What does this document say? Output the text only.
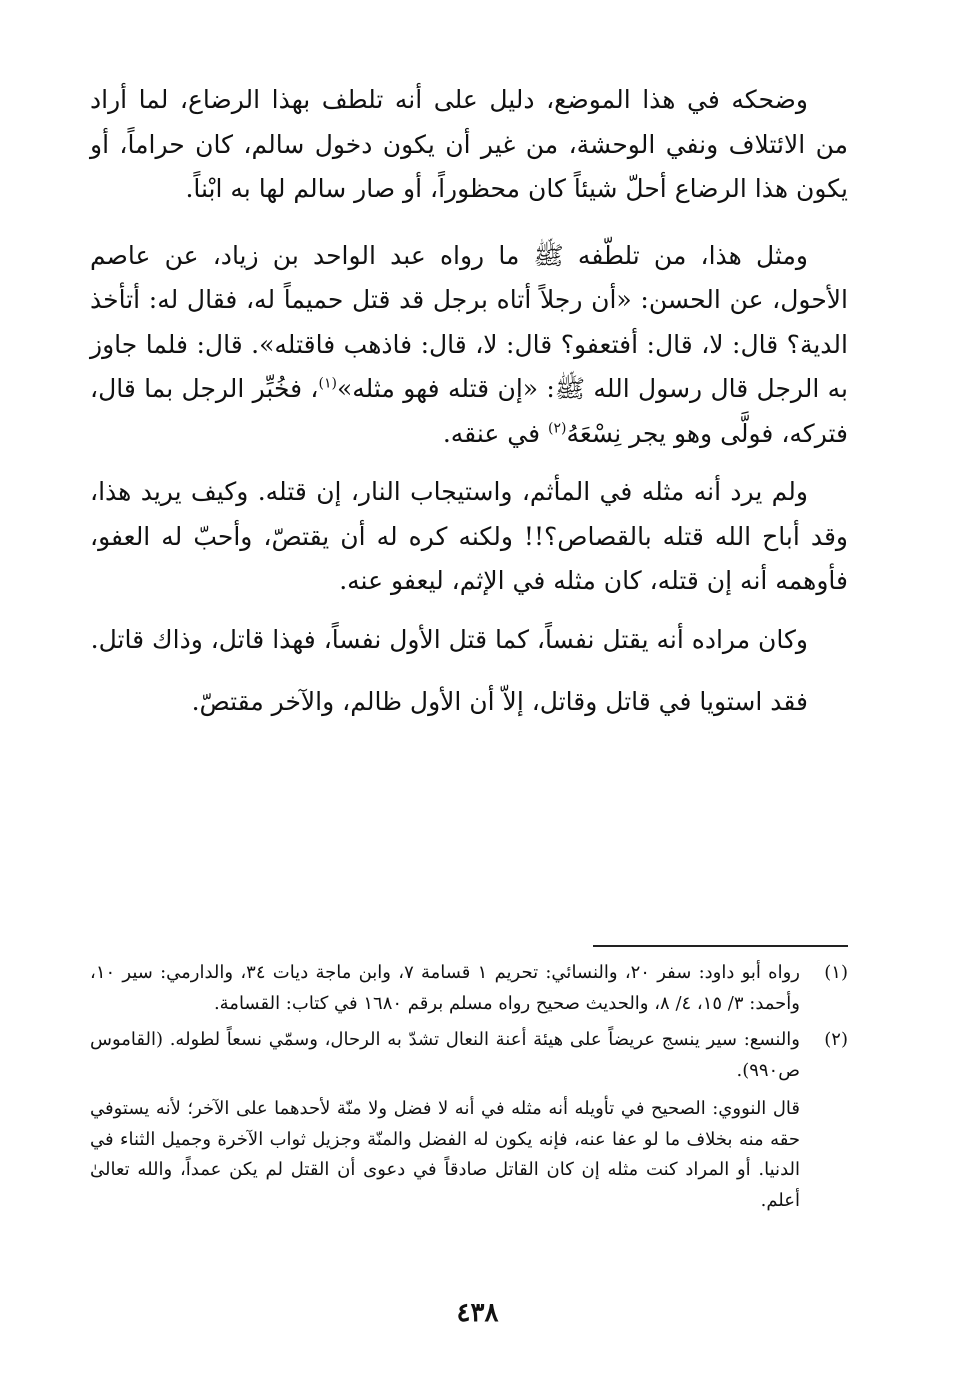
وضحكه في هذا الموضع، دليل على أنه تلطف بهذا الرضاع، لما أراد من الائتلاف ونفي الوحشة، من غير أن يكون دخول سالم، كان حراماً، أو يكون هذا الرضاع أحلّ شيئاً كان محظوراً، أو صار سالم لها به ابْناً.

ومثل هذا، من تلطّفه ﷺ ما رواه عبد الواحد بن زياد، عن عاصم الأحول، عن الحسن: «أن رجلاً أتاه برجل قد قتل حميماً له، فقال له: أتأخذ الدية؟ قال: لا، قال: أفتعفو؟ قال: لا، قال: فاذهب فاقتله». قال: فلما جاوز به الرجل قال رسول الله ﷺ: «إن قتله فهو مثله»$^{(١)}$، فخُبِّر الرجل بما قال، فتركه، فولَّى وهو يجر نِسْعَهُ$^{(٢)}$ في عنقه.

ولم يرد أنه مثله في المأثم، واستيجاب النار، إن قتله. وكيف يريد هذا، وقد أباح الله قتله بالقصاص؟!! ولكنه كره له أن يقتصّ، وأحبّ له العفو، فأوهمه أنه إن قتله، كان مثله في الإثم، ليعفو عنه.

وكان مراده أنه يقتل نفساً، كما قتل الأول نفساً، فهذا قاتل، وذاك قاتل.

فقد استويا في قاتل وقاتل، إلاّ أن الأول ظالم، والآخر مقتصّ.

(١)
رواه أبو داود: سفر ٢٠، والنسائي: تحريم ١ قسامة ٧، وابن ماجة ديات ٣٤، والدارمي: سير ١٠، وأحمد: ٣/ ١٥، ٤/ ٨، والحديث صحيح رواه مسلم برقم ١٦٨٠ في كتاب: القسامة.
(٢)
والنسع: سير ينسج عريضاً على هيئة أعنة النعال تشدّ به الرحال، وسمّي نسعاً لطوله. (القاموس ص٩٩٠).
قال النووي: الصحيح في تأويله أنه مثله في أنه لا فضل ولا منّة لأحدهما على الآخر؛ لأنه يستوفي حقه منه بخلاف ما لو عفا عنه، فإنه يكون له الفضل والمنّة وجزيل ثواب الآخرة وجميل الثناء في الدنيا. أو المراد كنت مثله إن كان القاتل صادقاً في دعوى أن القتل لم يكن عمداً، والله تعالىٰ أعلم.
٤٣٨
